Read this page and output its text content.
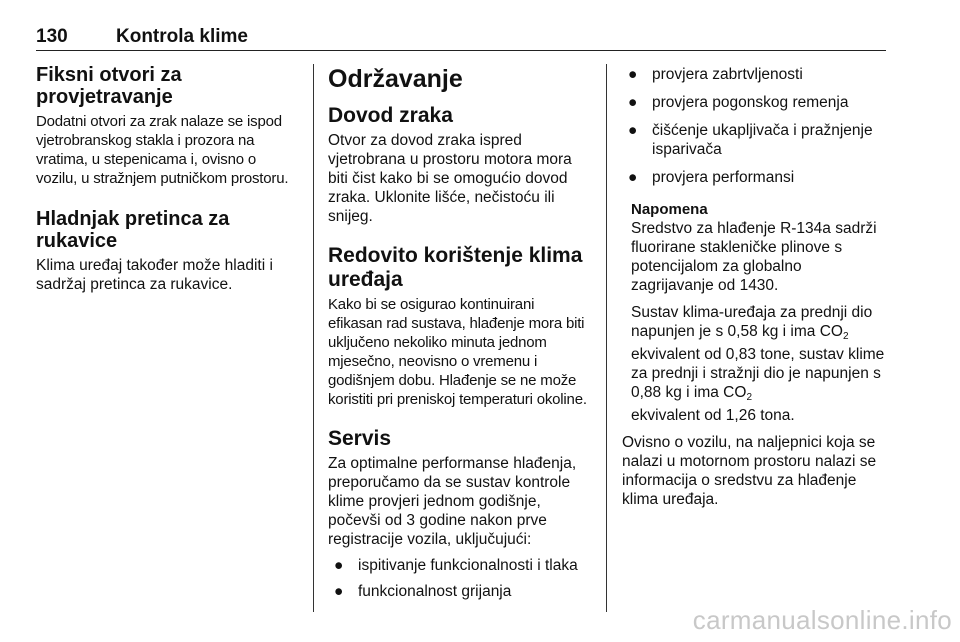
130	Kontrola klime
Fiksni otvori za provjetravanje

Dodatni otvori za zrak nalaze se ispod vjetrobranskog stakla i prozora na vratima, u stepenicama i, ovisno o vozilu, u stražnjem putničkom prostoru.

Hladnjak pretinca za rukavice

Klima uređaj također može hladiti i sadržaj pretinca za rukavice.

Održavanje
Dovod zraka

Otvor za dovod zraka ispred vjetrobrana u prostoru motora mora biti čist kako bi se omogućio dovod zraka. Uklonite lišće, nečistoću ili snijeg.

Redovito korištenje klima uređaja

Kako bi se osigurao kontinuirani efikasan rad sustava, hlađenje mora biti uključeno nekoliko minuta jednom mjesečno, neovisno o vremenu i godišnjem dobu. Hlađenje se ne može koristiti pri preniskoj temperaturi okoline.

Servis

Za optimalne performanse hlađenja, preporučamo da se sustav kontrole klime provjeri jednom godišnje, počevši od 3 godine nakon prve registracije vozila, uključujući:

● ispitivanje funkcionalnosti i tlaka
● funkcionalnost grijanja
● provjera zabrtvljenosti
● provjera pogonskog remenja
● čišćenje ukapljivača i pražnjenje isparivača
● provjera performansi
Napomena

Sredstvo za hlađenje R-134a sadrži fluorirane stakleničke plinove s potencijalom za globalno zagrijavanje od 1430.

Sustav klima-uređaja za prednji dio napunjen je s 0,58 kg i ima $CO_2$

ekvivalent od 0,83 tone, sustav klime za prednji i stražnji dio je napunjen s 0,88 kg i ima $CO_2$

ekvivalent od 1,26 tona.

Ovisno o vozilu, na naljepnici koja se nalazi u motornom prostoru nalazi se informacija o sredstvu za hlađenje klima uređaja.

carmanualsonline.info
